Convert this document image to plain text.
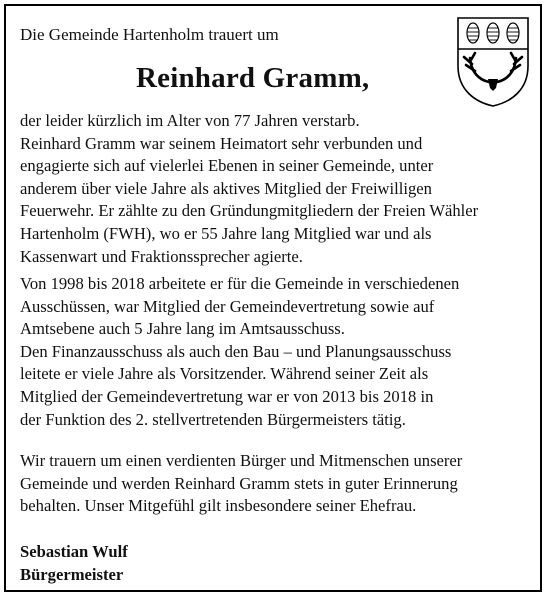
Die Gemeinde Hartenholm trauert um
Reinhard Gramm,

der leider kürzlich im Alter von 77 Jahren verstarb.
Reinhard Gramm war seinem Heimatort sehr verbunden und
engagierte sich auf vielerlei Ebenen in seiner Gemeinde, unter
anderem über viele Jahre als aktives Mitglied der Freiwilligen
Feuerwehr. Er zählte zu den Gründungmitgliedern der Freien Wähler
Hartenholm (FWH), wo er 55 Jahre lang Mitglied war und als
Kassenwart und Fraktionssprecher agierte.

Von 1998 bis 2018 arbeitete er für die Gemeinde in verschiedenen
Ausschüssen, war Mitglied der Gemeindevertretung sowie auf
Amtsebene auch 5 Jahre lang im Amtsausschuss.
Den Finanzausschuss als auch den Bau – und Planungsausschuss
leitete er viele Jahre als Vorsitzender. Während seiner Zeit als
Mitglied der Gemeindevertretung war er von 2013 bis 2018 in
der Funktion des 2. stellvertretenden Bürgermeisters tätig.

Wir trauern um einen verdienten Bürger und Mitmenschen unserer
Gemeinde und werden Reinhard Gramm stets in guter Erinnerung
behalten. Unser Mitgefühl gilt insbesondere seiner Ehefrau.

Sebastian Wulf
Bürgermeister
